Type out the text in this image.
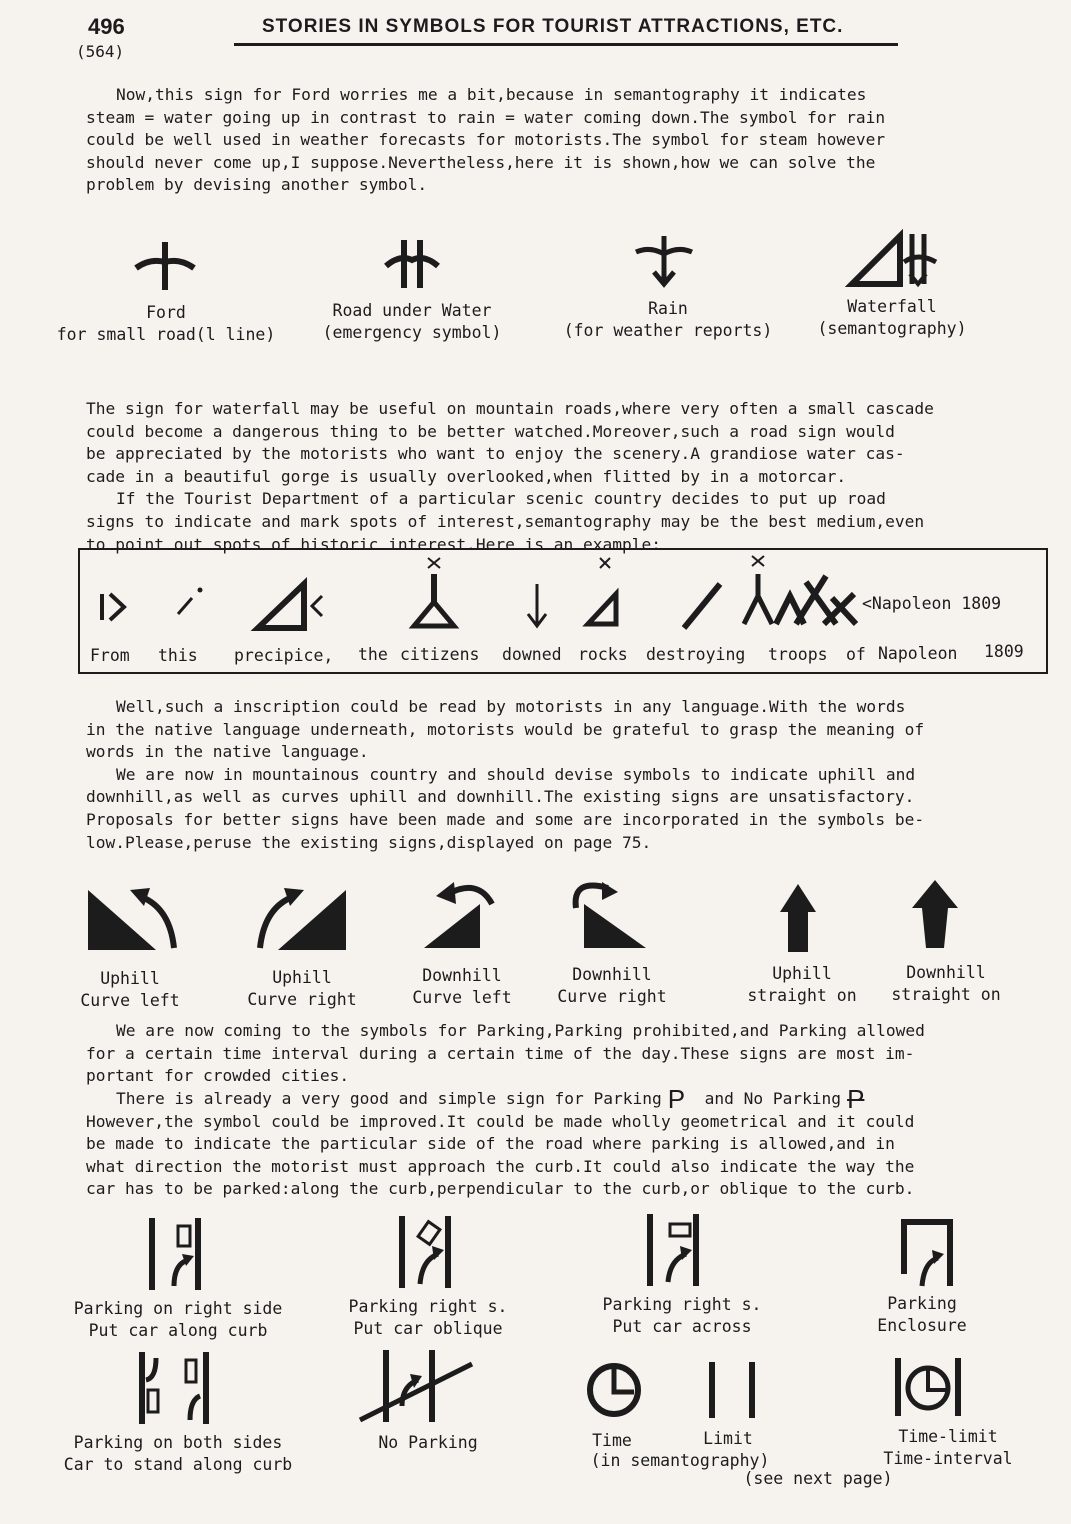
496
(564)
STORIES IN SYMBOLS FOR TOURIST ATTRACTIONS, ETC.

Now,this sign for Ford worries me a bit,because in semantography it indicates

steam = water going up in contrast to rain = water coming down.The symbol for rain

could be well used in weather forecasts for motorists.The symbol for steam however

should never come up,I suppose.Nevertheless,here it is shown,how we can solve the

problem by devising another symbol.

Ford
for small road(l line)
Road under Water
(emergency symbol)
Rain
(for weather reports)
Waterfall
(semantography)

The sign for waterfall may be useful on mountain roads,where very often a small cascade

could become a dangerous thing to be better watched.Moreover,such a road sign would

be appreciated by the motorists who want to enjoy the scenery.A grandiose water cas-

cade in a beautiful gorge is usually overlooked,when flitted by in a motorcar.

If the Tourist Department of a particular scenic country decides to put up road

signs to indicate and mark spots of interest,semantography may be the best medium,even

to point out spots of historic interest.Here is an example:

<Napoleon 1809
From this precipice, the citizens downed rocks destroying troops of Napoleon 1809

Well,such a inscription could be read by motorists in any language.With the words

in the native language underneath, motorists would be grateful to grasp the meaning of

words in the native language.

We are now in mountainous country and should devise symbols to indicate uphill and

downhill,as well as curves uphill and downhill.The existing signs are unsatisfactory.

Proposals for better signs have been made and some are incorporated in the symbols be-

low.Please,peruse the existing signs,displayed on page 75.

Uphill
Curve left
Uphill
Curve right
Downhill
Curve left
Downhill
Curve right
Uphill
straight on
Downhill
straight on

We are now coming to the symbols for Parking,Parking prohibited,and Parking allowed

for a certain time interval during a certain time of the day.These signs are most im-

portant for crowded cities.

There is already a very good and simple sign for Parking P and No Parking P

However,the symbol could be improved.It could be made wholly geometrical and it could

be made to indicate the particular side of the road where parking is allowed,and in

what direction the motorist must approach the curb.It could also indicate the way the

car has to be parked:along the curb,perpendicular to the curb,or oblique to the curb.

Parking on right side
Put car along curb
Parking right s.
Put car oblique
Parking right s.
Put car across
Parking
Enclosure
Parking on both sides
Car to stand along curb
No Parking	Time	Limit
(in semantography)
Time-limit
Time-interval
(see next page)
